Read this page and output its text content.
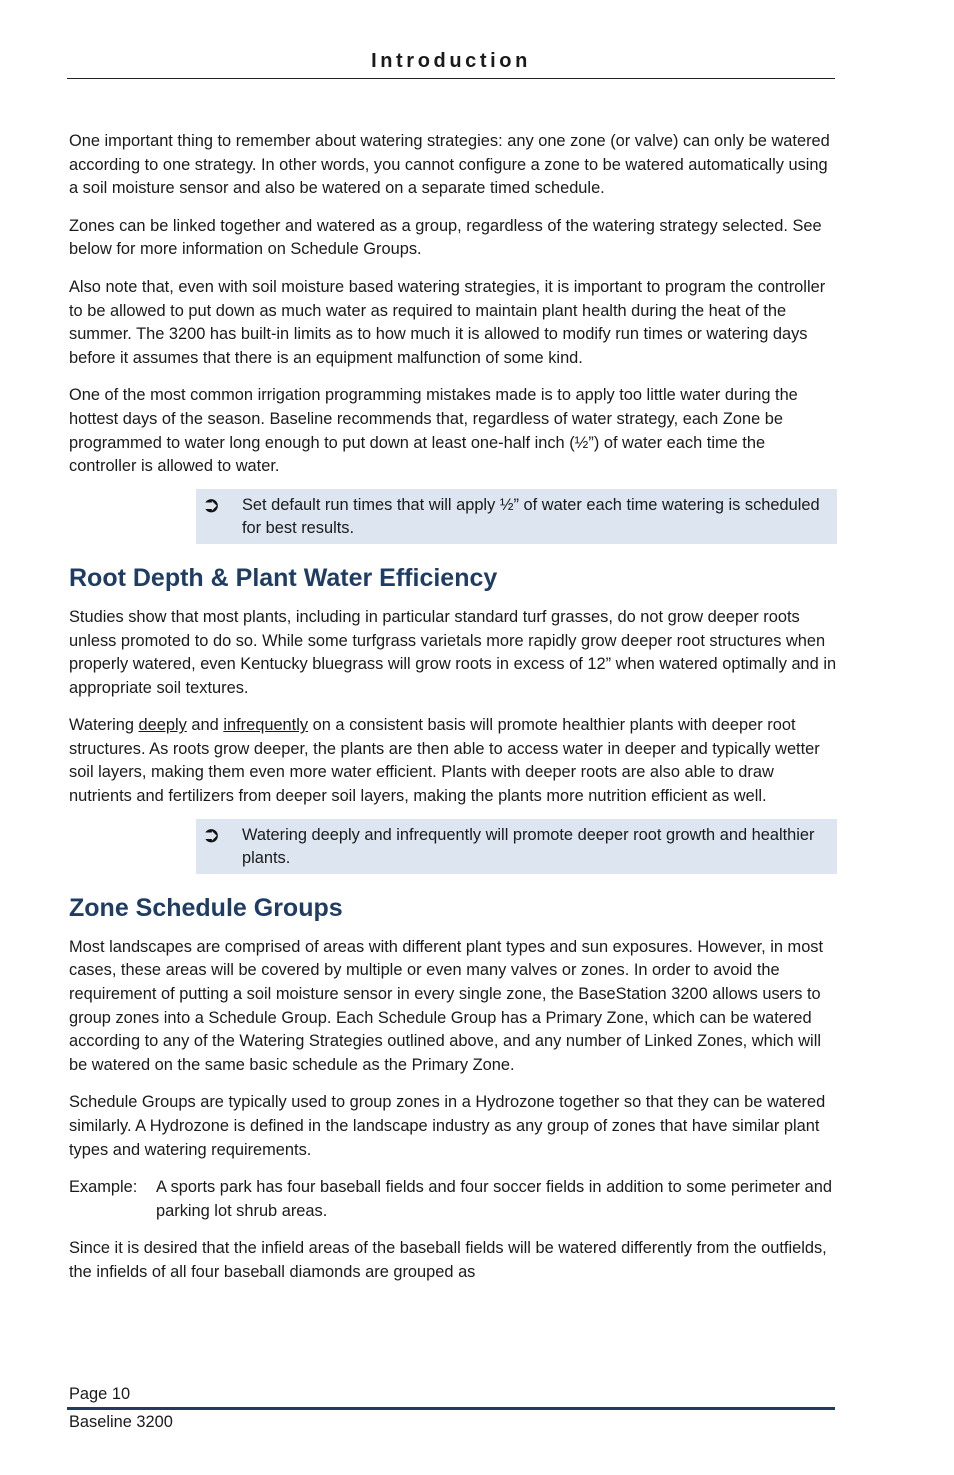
Introduction

One important thing to remember about watering strategies: any one zone (or valve) can only be watered according to one strategy. In other words, you cannot configure a zone to be watered automatically using a soil moisture sensor and also be watered on a separate timed schedule.

Zones can be linked together and watered as a group, regardless of the watering strategy selected. See below for more information on Schedule Groups.

Also note that, even with soil moisture based watering strategies, it is important to program the controller to be allowed to put down as much water as required to maintain plant health during the heat of the summer. The 3200 has built-in limits as to how much it is allowed to modify run times or watering days before it assumes that there is an equipment malfunction of some kind.

One of the most common irrigation programming mistakes made is to apply too little water during the hottest days of the season. Baseline recommends that, regardless of water strategy, each Zone be programmed to water long enough to put down at least one-half inch (½”) of water each time the controller is allowed to water.

➲	Set default run times that will apply ½” of water each time watering is scheduled for best results.
Root Depth & Plant Water Efficiency

Studies show that most plants, including in particular standard turf grasses, do not grow deeper roots unless promoted to do so. While some turfgrass varietals more rapidly grow deeper root structures when properly watered, even Kentucky bluegrass will grow roots in excess of 12” when watered optimally and in appropriate soil textures.

Watering deeply and infrequently on a consistent basis will promote healthier plants with deeper root structures. As roots grow deeper, the plants are then able to access water in deeper and typically wetter soil layers, making them even more water efficient. Plants with deeper roots are also able to draw nutrients and fertilizers from deeper soil layers, making the plants more nutrition efficient as well.

➲	Watering deeply and infrequently will promote deeper root growth and healthier plants.
Zone Schedule Groups

Most landscapes are comprised of areas with different plant types and sun exposures. However, in most cases, these areas will be covered by multiple or even many valves or zones. In order to avoid the requirement of putting a soil moisture sensor in every single zone, the BaseStation 3200 allows users to group zones into a Schedule Group. Each Schedule Group has a Primary Zone, which can be watered according to any of the Watering Strategies outlined above, and any number of Linked Zones, which will be watered on the same basic schedule as the Primary Zone.

Schedule Groups are typically used to group zones in a Hydrozone together so that they can be watered similarly. A Hydrozone is defined in the landscape industry as any group of zones that have similar plant types and watering requirements.

Example:	A sports park has four baseball fields and four soccer fields in addition to some perimeter and parking lot shrub areas.

Since it is desired that the infield areas of the baseball fields will be watered differently from the outfields, the infields of all four baseball diamonds are grouped as

Page 10
Baseline 3200
